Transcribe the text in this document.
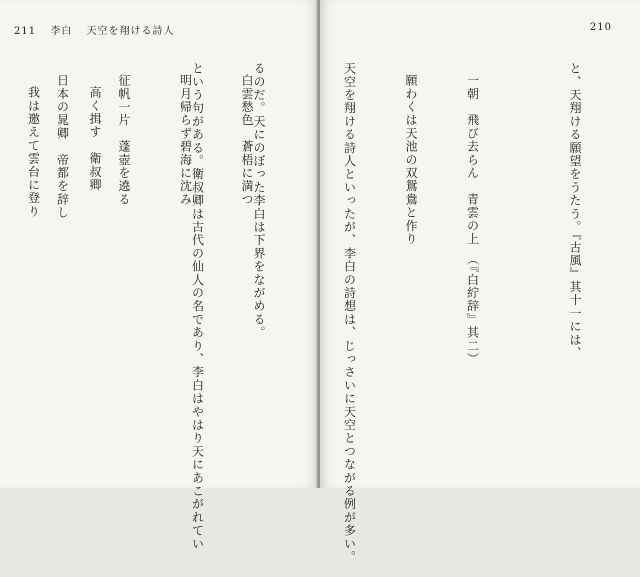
211 李白 天空を翔ける詩人

るのだ。天にのぼった李白は下界をながめる。

という句がある。衛叔卿は古代の仙人の名であり、李白はやはり天にあこがれてい

高く揖す　衛叔卿

我は邀えて雲台に登り

210

と、天翔ける願望をうたう。『古風』其十一には、

一朝　飛び去らん　青雲の上　（『白紵辞』其二）

願わくは天池の双鴛鴦と作り

天空を翔ける詩人といったが、李白の詩想は、じっさいに天空とつながる例が多い。

白雲愁色　蒼梧に満つ

明月帰らず碧海に沈み

征帆一片　蓬壺を遶る

日本の晁卿　帝都を辞し
